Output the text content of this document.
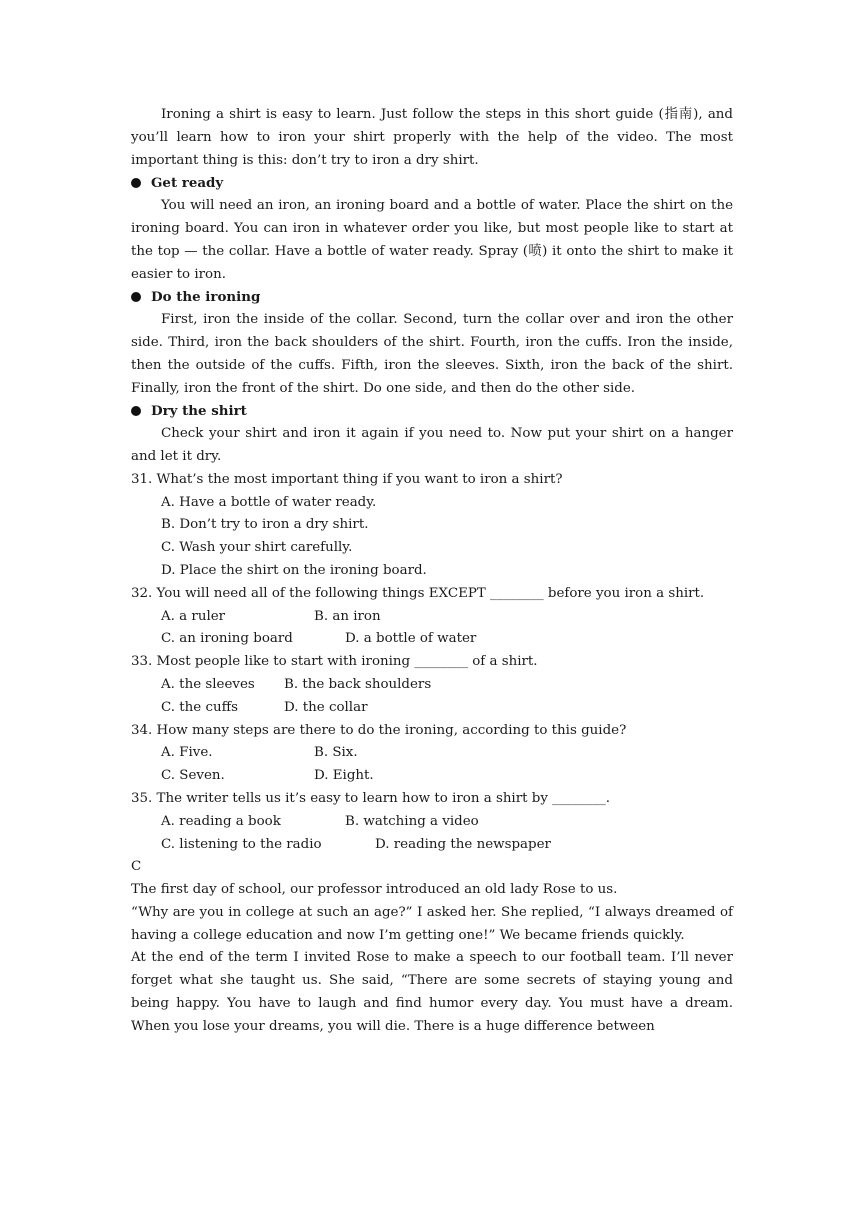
Ironing a shirt is easy to learn. Just follow the steps in this short guide (指南), and you’ll learn how to iron your shirt properly with the help of the video. The most important thing is this: don’t try to iron a dry shirt.

Get ready

You will need an iron, an ironing board and a bottle of water. Place the shirt on the ironing board. You can iron in whatever order you like, but most people like to start at the top — the collar. Have a bottle of water ready. Spray (喷) it onto the shirt to make it easier to iron.

Do the ironing

First, iron the inside of the collar. Second, turn the collar over and iron the other side. Third, iron the back shoulders of the shirt. Fourth, iron the cuffs. Iron the inside, then the outside of the cuffs. Fifth, iron the sleeves. Sixth, iron the back of the shirt. Finally, iron the front of the shirt. Do one side, and then do the other side.

Dry the shirt

Check your shirt and iron it again if you need to. Now put your shirt on a hanger and let it dry.

31. What’s the most important thing if you want to iron a shirt?

A. Have a bottle of water ready.
B. Don’t try to iron a dry shirt.
C. Wash your shirt carefully.
D. Place the shirt on the ironing board.

32. You will need all of the following things EXCEPT ________ before you iron a shirt.

A. a ruler	B. an iron
C. an ironing board	D. a bottle of water

33. Most people like to start with ironing ________ of a shirt.

A. the sleeves B. the back shoulders
C. the cuffs	D. the collar

34. How many steps are there to do the ironing, according to this guide?

A. Five.	B. Six.
C. Seven.	D. Eight.

35. The writer tells us it’s easy to learn how to iron a shirt by ________.

A. reading a book	B. watching a video
C. listening to the radio	D. reading the newspaper

C

The first day of school, our professor introduced an old lady Rose to us.

“Why are you in college at such an age?” I asked her. She replied, “I always dreamed of having a college education and now I’m getting one!” We became friends quickly.

At the end of the term I invited Rose to make a speech to our football team. I’ll never forget what she taught us. She said, “There are some secrets of staying young and being happy. You have to laugh and find humor every day. You must have a dream. When you lose your dreams, you will die. There is a huge difference between
